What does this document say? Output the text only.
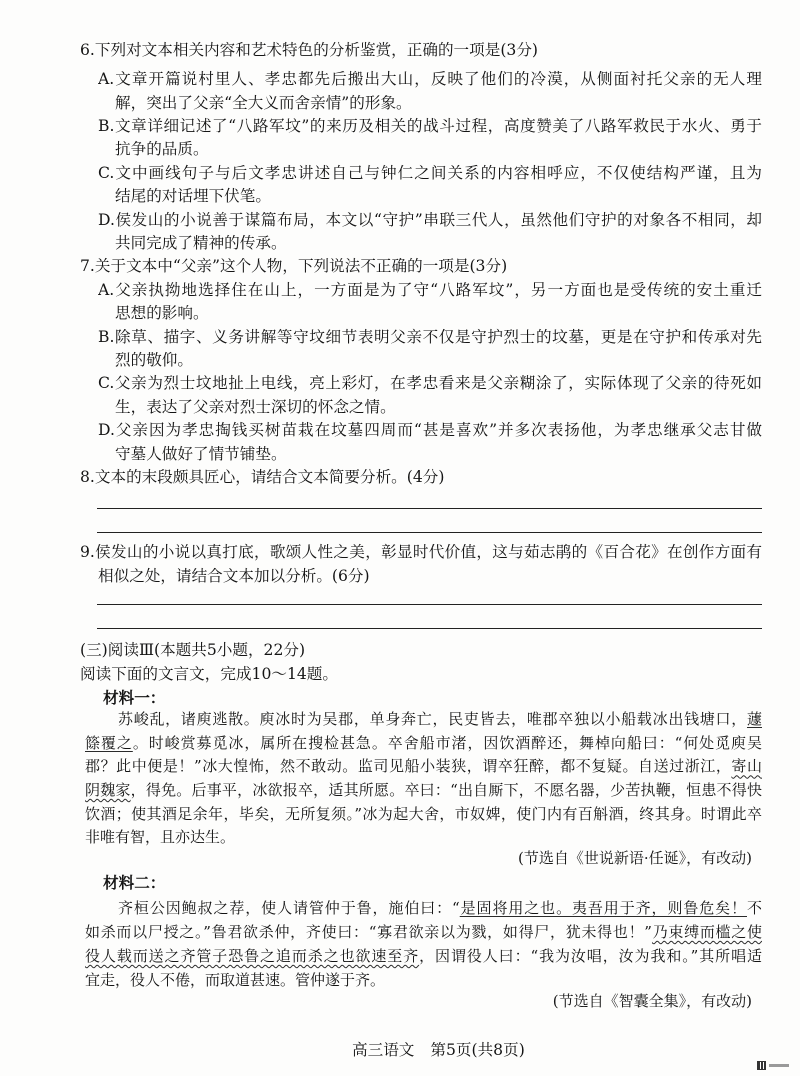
6.下列对文本相关内容和艺术特色的分析鉴赏，正确的一项是(3分)
A.文章开篇说村里人、孝忠都先后搬出大山，反映了他们的冷漠，从侧面衬托父亲的无人理
解，突出了父亲“全大义而舍亲情”的形象。
B.文章详细记述了“八路军坟”的来历及相关的战斗过程，高度赞美了八路军救民于水火、勇于
抗争的品质。
C.文中画线句子与后文孝忠讲述自己与钟仁之间关系的内容相呼应，不仅使结构严谨，且为
结尾的对话埋下伏笔。
D.侯发山的小说善于谋篇布局，本文以“守护”串联三代人，虽然他们守护的对象各不相同，却
共同完成了精神的传承。
7.关于文本中“父亲”这个人物，下列说法不正确的一项是(3分)
A.父亲执拗地选择住在山上，一方面是为了守“八路军坟”，另一方面也是受传统的安土重迁
思想的影响。
B.除草、描字、义务讲解等守坟细节表明父亲不仅是守护烈士的坟墓，更是在守护和传承对先
烈的敬仰。
C.父亲为烈士坟地扯上电线，亮上彩灯，在孝忠看来是父亲糊涂了，实际体现了父亲的待死如
生，表达了父亲对烈士深切的怀念之情。
D.父亲因为孝忠掏钱买树苗栽在坟墓四周而“甚是喜欢”并多次表扬他，为孝忠继承父志甘做
守墓人做好了情节铺垫。
8.文本的末段颇具匠心，请结合文本简要分析。(4分)
9.侯发山的小说以真打底，歌颂人性之美，彰显时代价值，这与茹志鹃的《百合花》在创作方面有
相似之处，请结合文本加以分析。(6分)
(三)阅读Ⅲ(本题共5小题，22分)
阅读下面的文言文，完成10～14题。
材料一：
苏峻乱，诸庾逃散。庾冰时为吴郡，单身奔亡，民吏皆去，唯郡卒独以小船载冰出钱塘口，蘧
篨覆之。时峻赏募觅冰，属所在搜检甚急。卒舍船市渚，因饮酒醉还，舞棹向船曰：“何处觅庾吴
郡？此中便是！”冰大惶怖，然不敢动。监司见船小装狭，谓卒狂醉，都不复疑。自送过浙江，寄山
阴魏家，得免。后事平，冰欲报卒，适其所愿。卒曰：“出自厮下，不愿名器，少苦执鞭，恒患不得快
饮酒；使其酒足余年，毕矣，无所复须。”冰为起大舍，市奴婢，使门内有百斛酒，终其身。时谓此卒
非唯有智，且亦达生。
(节选自《世说新语·任诞》，有改动)
材料二：
齐桓公因鲍叔之荐，使人请管仲于鲁，施伯曰：“是固将用之也。夷吾用于齐，则鲁危矣！不
如杀而以尸授之。”鲁君欲杀仲，齐使曰：“寡君欲亲以为戮，如得尸，犹未得也！”乃束缚而槛之使
役人载而送之齐管子恐鲁之追而杀之也欲速至齐，因谓役人曰：“我为汝唱，汝为我和。”其所唱适
宜走，役人不倦，而取道甚速。管仲遂于齐。
(节选自《智囊全集》，有改动)
高三语文 第5页(共8页)
